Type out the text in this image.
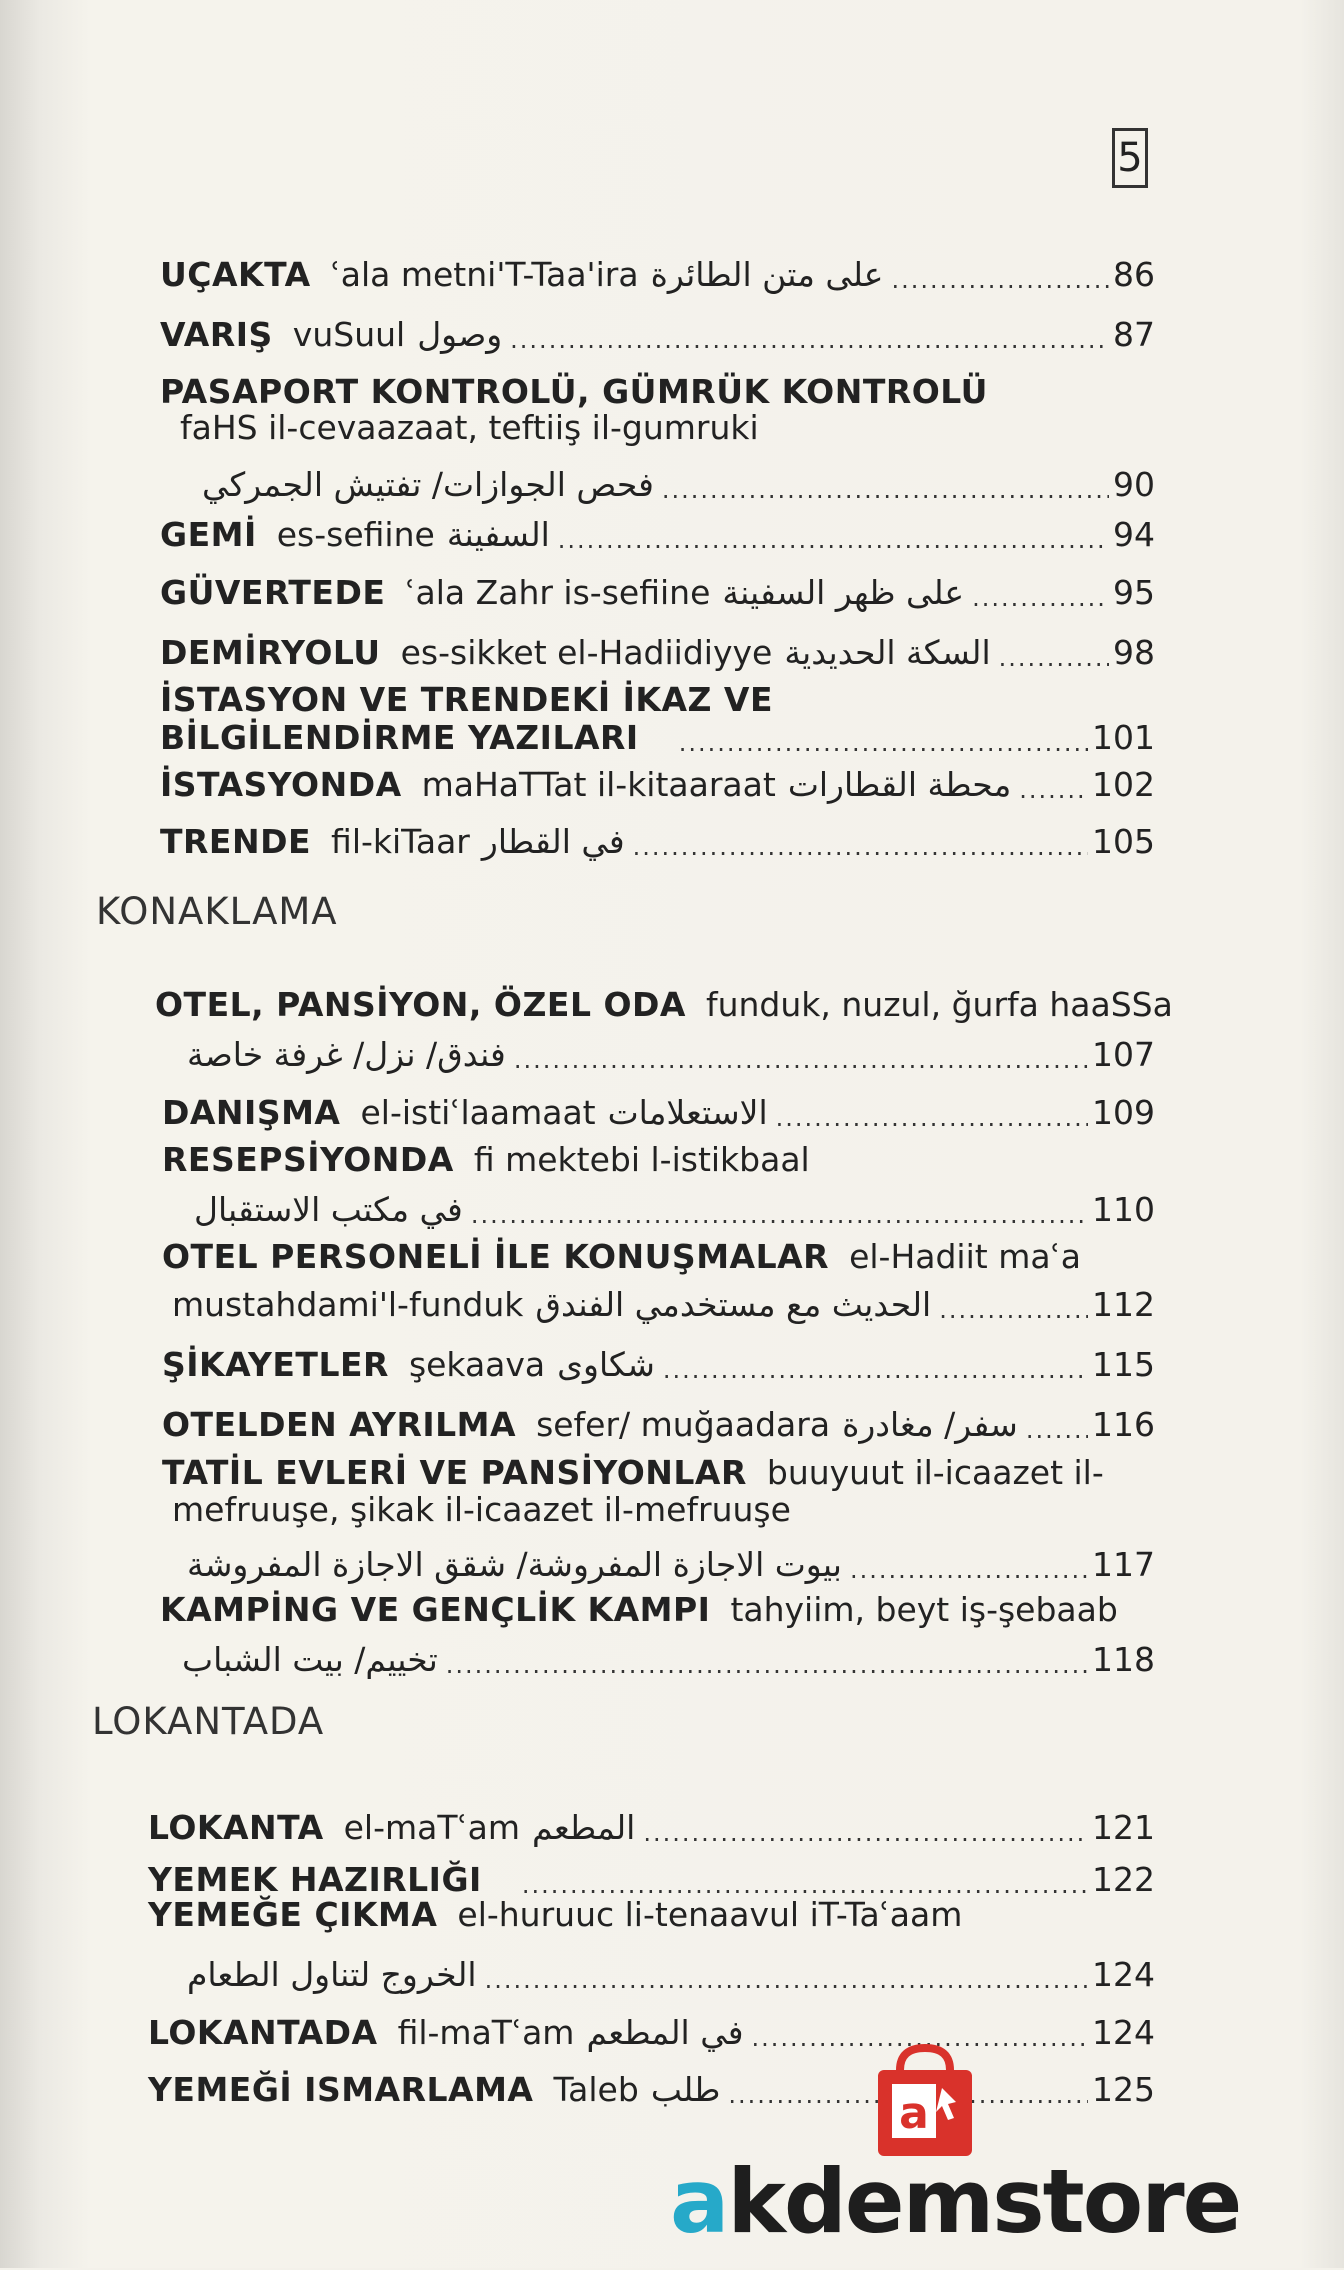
5
KONAKLAMA
LOKANTADA
UÇAKTA ʿala metni'T-Taa'ira على متن الطائرة .....	86
VARIŞ vuSuul وصول .....	87
PASAPORT KONTROLÜ, GÜMRÜK KONTROLÜ
faHS il-cevaazaat, teftiiş il-gumruki
فحص الجوازات/ تفتيش الجمركي .....	90
GEMİ es-sefiine السفينة .....	94
GÜVERTEDE ʿala Zahr is-sefiine على ظهر السفينة .....	95
DEMİRYOLU es-sikket el-Hadiidiyye السكة الحديدية .....	98
İSTASYON VE TRENDEKİ İKAZ VE
BİLGİLENDİRME YAZILARI .....	101
İSTASYONDA maHaTTat il-kitaaraat محطة القطارات ..... 102
TRENDE fil-kiTaar في القطار .....	105
OTEL, PANSİYON, ÖZEL ODA funduk, nuzul, ğurfa haaSSa
فندق/ نزل/ غرفة خاصة .....	107
DANIŞMA el-istiʿlaamaat الاستعلامات .....	109
RESEPSİYONDA fi mektebi l-istikbaal
في مكتب الاستقبال .....	110
OTEL PERSONELİ İLE KONUŞMALAR el-Hadiit maʿa
mustahdami'l-funduk الحديث مع مستخدمي الفندق .....	112
ŞİKAYETLER şekaava شكاوى .....	115
OTELDEN AYRILMA sefer/ muğaadara سفر/ مغادرة ..... 116
TATİL EVLERİ VE PANSİYONLAR buuyuut il-icaazet il-
mefruuşe, şikak il-icaazet il-mefruuşe
بيوت الاجازة المفروشة/ شقق الاجازة المفروشة .....	117
KAMPİNG VE GENÇLİK KAMPI tahyiim, beyt iş-şebaab
تخييم/ بيت الشباب .....	118
LOKANTA el-maTʿam المطعم .....	121
YEMEK HAZIRLIĞI .....	122
YEMEĞE ÇIKMA el-huruuc li-tenaavul iT-Taʿaam
الخروج لتناول الطعام .....	124
LOKANTADA fil-maTʿam في المطعم .....	124
YEMEĞİ ISMARLAMA Taleb طلب .....	125
a
akdemstore
